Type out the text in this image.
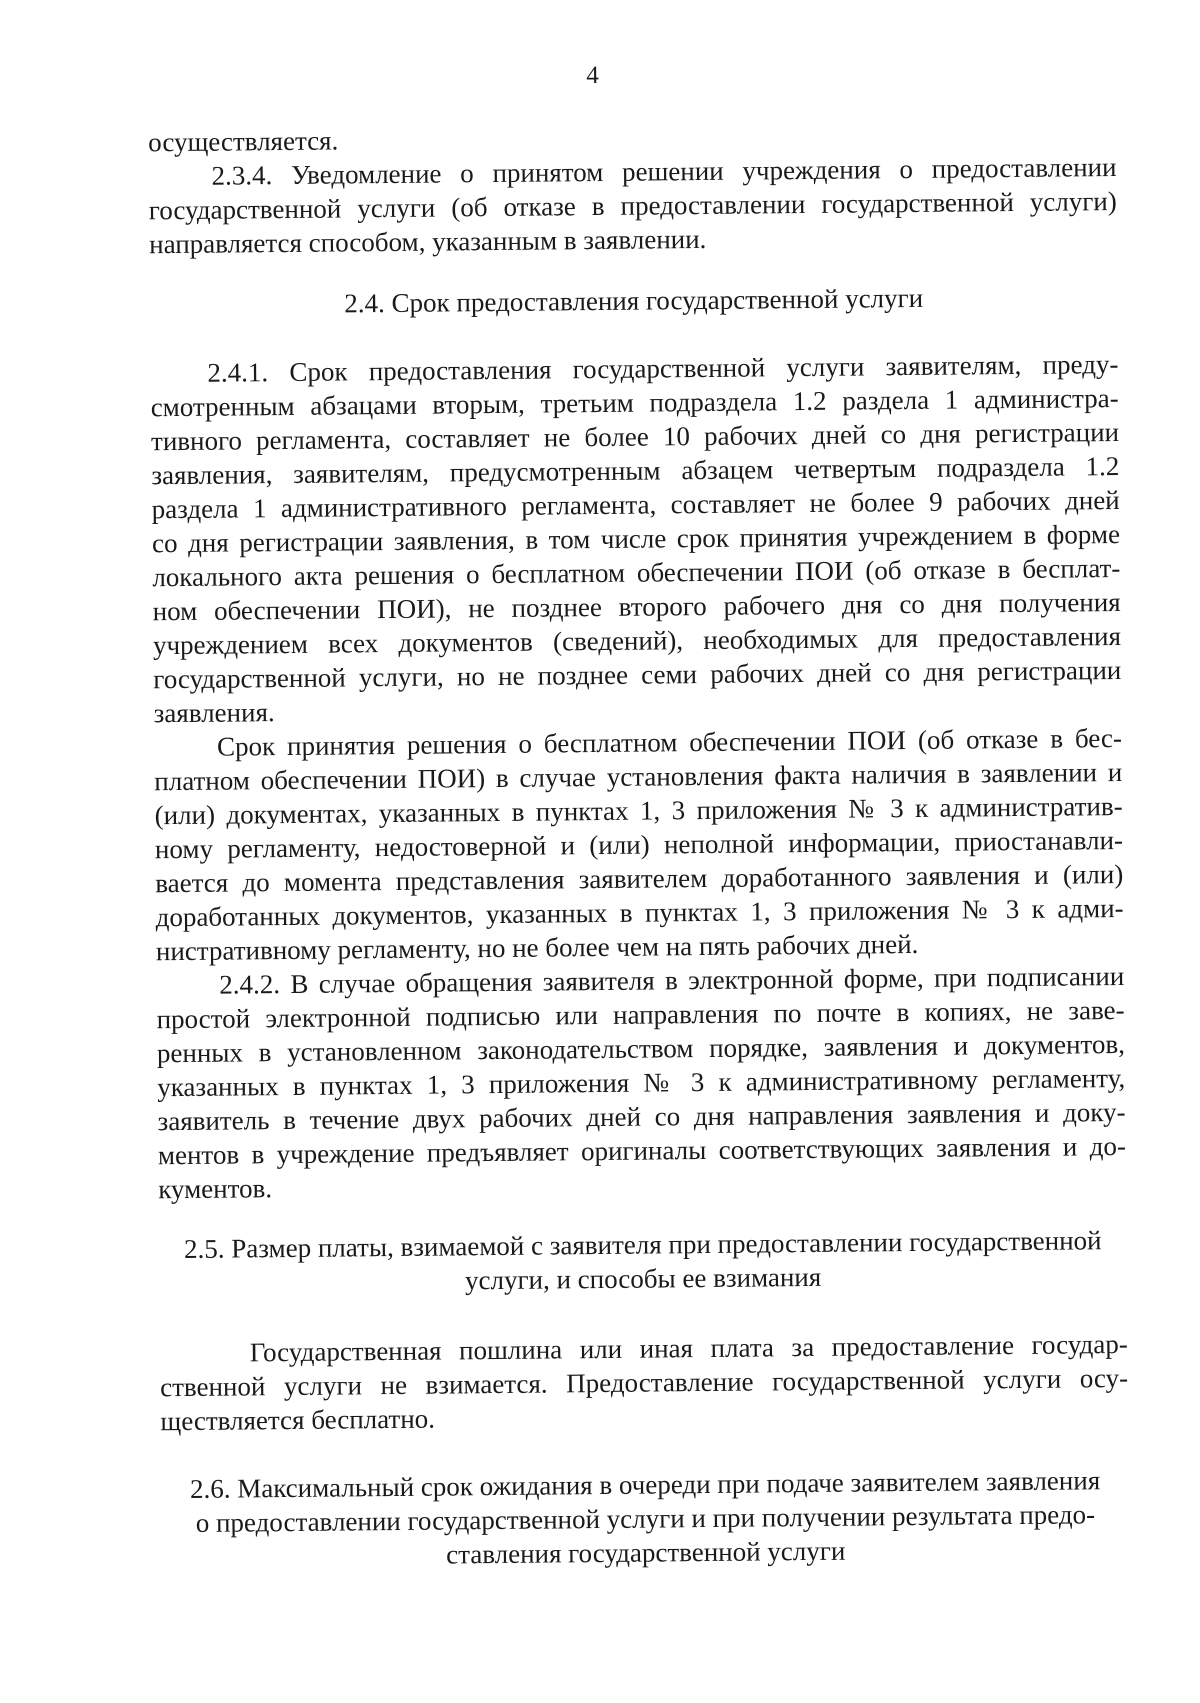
4
осуществляется.
2.3.4. Уведомление о принятом решении учреждения о предоставлении
государственной услуги (об отказе в предоставлении государственной услуги)
направляется способом, указанным в заявлении.
2.4. Срок предоставления государственной услуги
2.4.1. Срок предоставления государственной услуги заявителям, преду-
смотренным абзацами вторым, третьим подраздела 1.2 раздела 1 администра-
тивного регламента, составляет не более 10 рабочих дней со дня регистрации
заявления, заявителям, предусмотренным абзацем четвертым подраздела 1.2
раздела 1 административного регламента, составляет не более 9 рабочих дней
со дня регистрации заявления, в том числе срок принятия учреждением в форме
локального акта решения о бесплатном обеспечении ПОИ (об отказе в бесплат-
ном обеспечении ПОИ), не позднее второго рабочего дня со дня получения
учреждением всех документов (сведений), необходимых для предоставления
государственной услуги, но не позднее семи рабочих дней со дня регистрации
заявления.
Срок принятия решения о бесплатном обеспечении ПОИ (об отказе в бес-
платном обеспечении ПОИ) в случае установления факта наличия в заявлении и
(или) документах, указанных в пунктах 1, 3 приложения № 3 к административ-
ному регламенту, недостоверной и (или) неполной информации, приостанавли-
вается до момента представления заявителем доработанного заявления и (или)
доработанных документов, указанных в пунктах 1, 3 приложения № 3 к адми-
нистративному регламенту, но не более чем на пять рабочих дней.
2.4.2. В случае обращения заявителя в электронной форме, при подписании
простой электронной подписью или направления по почте в копиях, не заве-
ренных в установленном законодательством порядке, заявления и документов,
указанных в пунктах 1, 3 приложения № 3 к административному регламенту,
заявитель в течение двух рабочих дней со дня направления заявления и доку-
ментов в учреждение предъявляет оригиналы соответствующих заявления и до-
кументов.
2.5. Размер платы, взимаемой с заявителя при предоставлении государственной
услуги, и способы ее взимания
Государственная пошлина или иная плата за предоставление государ-
ственной услуги не взимается. Предоставление государственной услуги осу-
ществляется бесплатно.
2.6. Максимальный срок ожидания в очереди при подаче заявителем заявления
о предоставлении государственной услуги и при получении результата предо-
ставления государственной услуги
